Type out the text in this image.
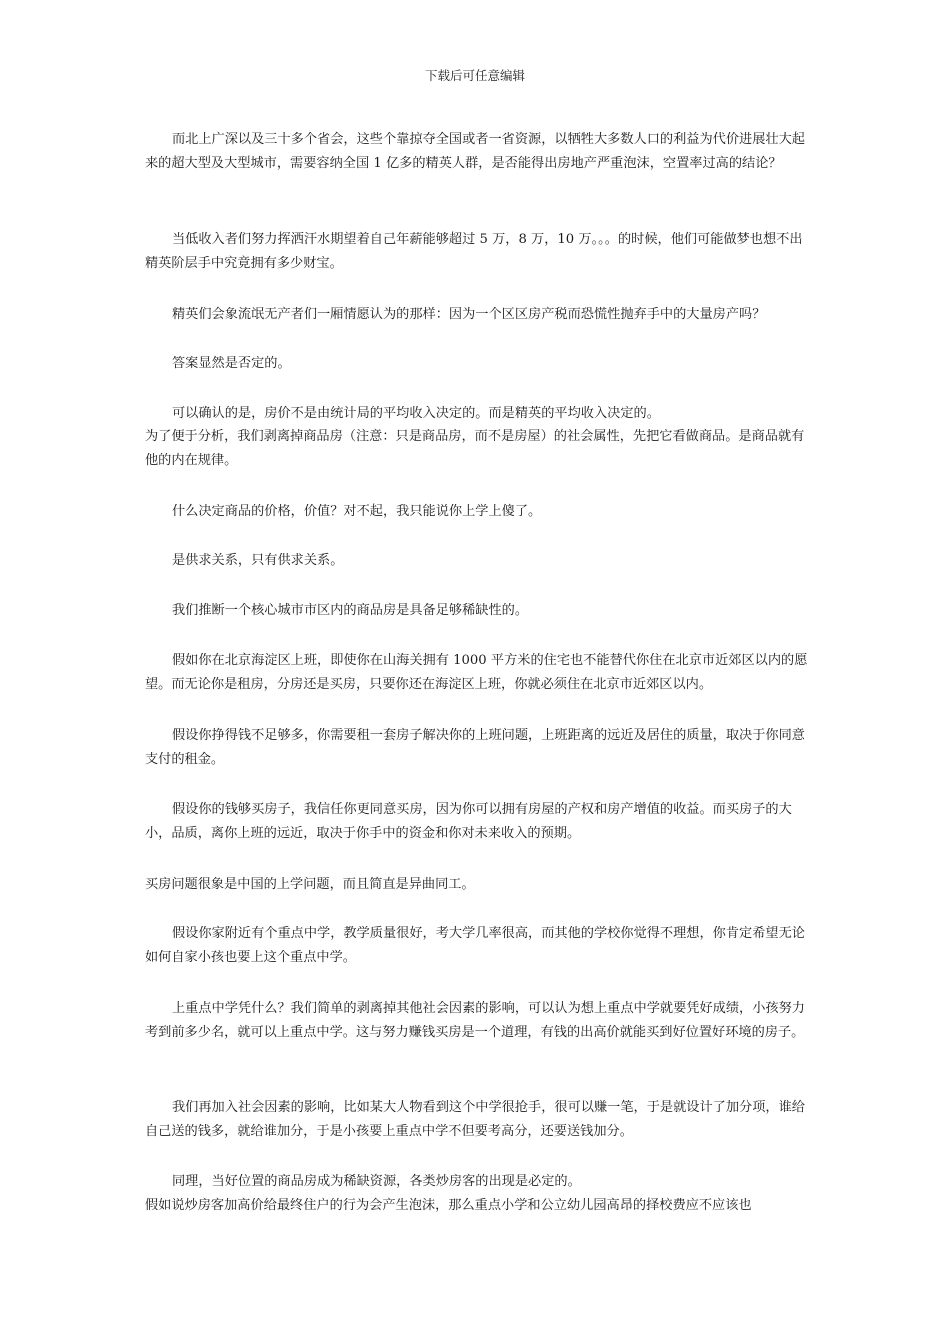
下载后可任意编辑

而北上广深以及三十多个省会，这些个靠掠夺全国或者一省资源，以牺牲大多数人口的利益为代价进展壮大起来的超大型及大型城市，需要容纳全国 1 亿多的精英人群，是否能得出房地产严重泡沫，空置率过高的结论？

当低收入者们努力挥洒汗水期望着自己年薪能够超过 5 万，8 万，10 万。。。的时候，他们可能做梦也想不出精英阶层手中究竟拥有多少财宝。

精英们会象流氓无产者们一厢情愿认为的那样：因为一个区区房产税而恐慌性抛弃手中的大量房产吗？

答案显然是否定的。

可以确认的是，房价不是由统计局的平均收入决定的。而是精英的平均收入决定的。

为了便于分析，我们剥离掉商品房（注意：只是商品房，而不是房屋）的社会属性，先把它看做商品。是商品就有他的内在规律。

什么决定商品的价格，价值？对不起，我只能说你上学上傻了。

是供求关系，只有供求关系。

我们推断一个核心城市市区内的商品房是具备足够稀缺性的。

假如你在北京海淀区上班，即使你在山海关拥有 1000 平方米的住宅也不能替代你住在北京市近郊区以内的愿望。而无论你是租房，分房还是买房，只要你还在海淀区上班，你就必须住在北京市近郊区以内。

假设你挣得钱不足够多，你需要租一套房子解决你的上班问题，上班距离的远近及居住的质量，取决于你同意支付的租金。

假设你的钱够买房子，我信任你更同意买房，因为你可以拥有房屋的产权和房产增值的收益。而买房子的大小，品质，离你上班的远近，取决于你手中的资金和你对未来收入的预期。

买房问题很象是中国的上学问题，而且简直是异曲同工。

假设你家附近有个重点中学，教学质量很好，考大学几率很高，而其他的学校你觉得不理想，你肯定希望无论如何自家小孩也要上这个重点中学。

上重点中学凭什么？我们简单的剥离掉其他社会因素的影响，可以认为想上重点中学就要凭好成绩，小孩努力考到前多少名，就可以上重点中学。这与努力赚钱买房是一个道理，有钱的出高价就能买到好位置好环境的房子。

我们再加入社会因素的影响，比如某大人物看到这个中学很抢手，很可以赚一笔，于是就设计了加分项，谁给自己送的钱多，就给谁加分，于是小孩要上重点中学不但要考高分，还要送钱加分。

同理，当好位置的商品房成为稀缺资源，各类炒房客的出现是必定的。

假如说炒房客加高价给最终住户的行为会产生泡沫，那么重点小学和公立幼儿园高昂的择校费应不应该也
